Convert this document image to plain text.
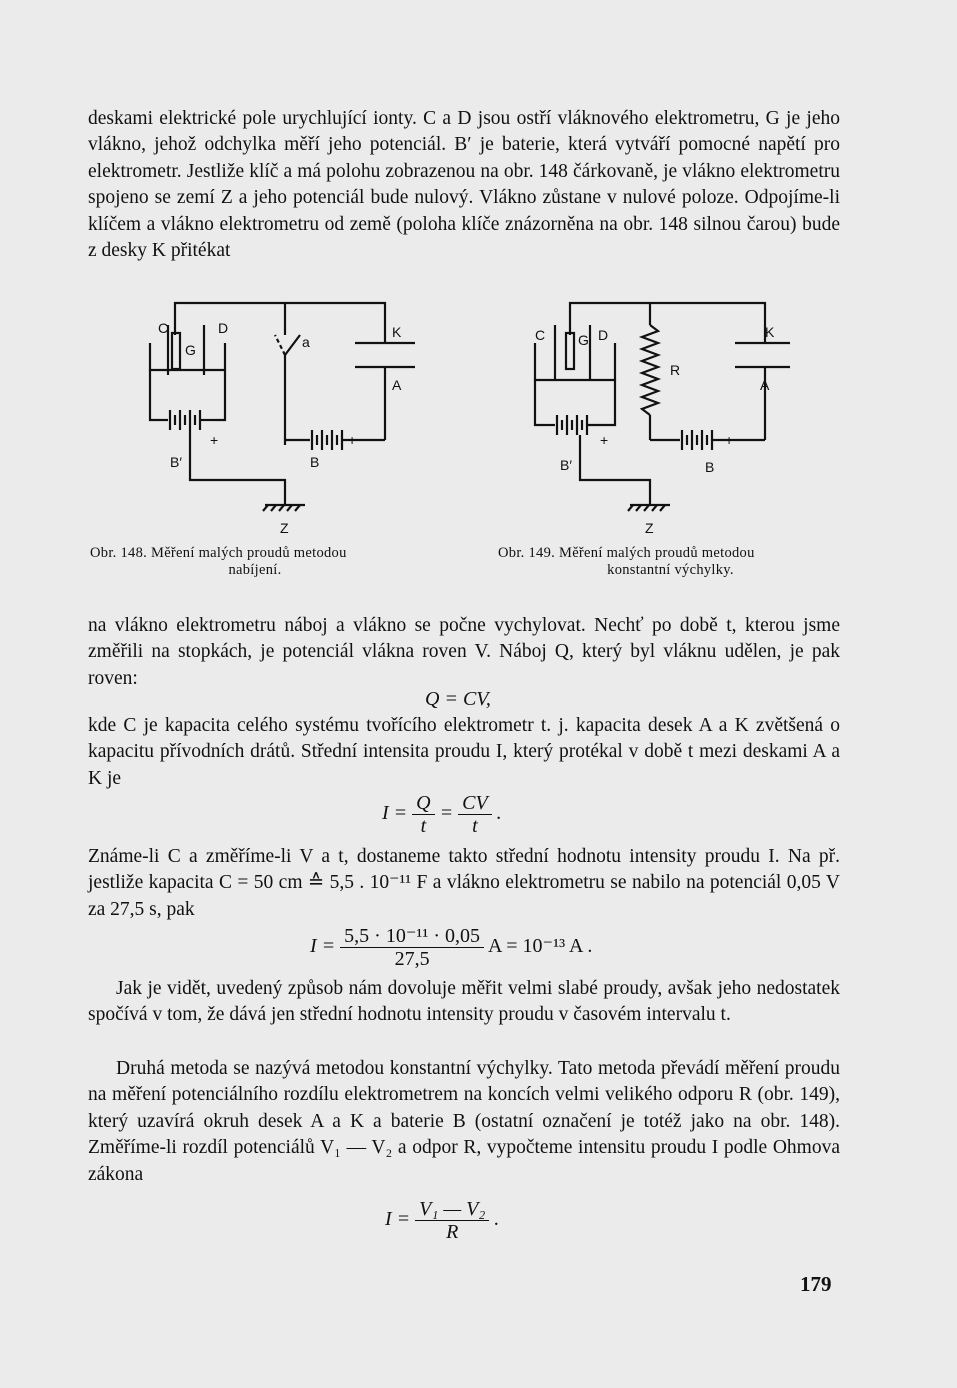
deskami elektrické pole urychlující ionty. C a D jsou ostří vláknového elektrometru, G je jeho vlákno, jehož odchylka měří jeho potenciál. B′ je baterie, která vytváří pomocné napětí pro elektrometr. Jestliže klíč a má polohu zobrazenou na obr. 148 čárkovaně, je vlákno elektrometru spojeno se zemí Z a jeho potenciál bude nulový. Vlákno zůstane v nulové poloze. Odpojíme-li klíčem a vlákno elektrometru od země (poloha klíče znázorněna na obr. 148 silnou čarou) bude z desky K přitékat

C	D
G	a
K
A
B′	B
+	+
Z
Obr. 148. Měření malých proudů metodou
nabíjení.
C	D
G
R
K
A
B′	B
+	+
Z
Obr. 149. Měření malých proudů metodou
konstantní výchylky.

na vlákno elektrometru náboj a vlákno se počne vychylovat. Nechť po době t, kterou jsme změřili na stopkách, je potenciál vlákna roven V. Náboj Q, který byl vláknu udělen, je pak roven:

Q = CV,

kde C je kapacita celého systému tvořícího elektrometr t. j. kapacita desek A a K zvětšená o kapacitu přívodních drátů. Střední intensita proudu I, který protékal v době t mezi deskami A a K je

$I = \frac{Q}{t} = \frac{CV}{t}$ .

Známe-li C a změříme-li V a t, dostaneme takto střední hodnotu intensity proudu I. Na př. jestliže kapacita C = 50 cm ≙ 5,5 . 10⁻¹¹ F a vlákno elektrometru se nabilo na potenciál 0,05 V za 27,5 s, pak

$I = \frac{\text{5,5 · 10⁻¹¹ · 0,05}}{27,5}$ A = 10⁻¹³ A .

Jak je vidět, uvedený způsob nám dovoluje měřit velmi slabé proudy, avšak jeho nedostatek spočívá v tom, že dává jen střední hodnotu intensity proudu v časovém intervalu t.

Druhá metoda se nazývá metodou konstantní výchylky. Tato metoda převádí měření proudu na měření potenciálního rozdílu elektrometrem na koncích velmi velikého odporu R (obr. 149), který uzavírá okruh desek A a K a baterie B (ostatní označení je totéž jako na obr. 148). Změříme-li rozdíl potenciálů V₁ — V₂ a odpor R, vypočteme intensitu proudu I podle Ohmova zákona

$I = \frac{\text{V₁ — V₂}}{R}$ .
179
